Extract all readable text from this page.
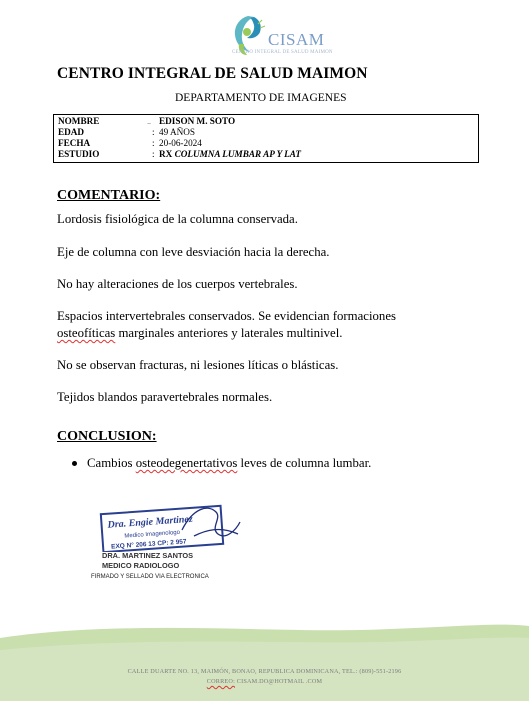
CISAM
CENTRO INTEGRAL DE SALUD MAIMON
CENTRO INTEGRAL DE SALUD MAIMON
DEPARTAMENTO DE IMAGENES
NOMBRE	∼ EDISON M. SOTO
EDAD	: 49 AÑOS
FECHA	: 20-06-2024
ESTUDIO	: RX COLUMNA LUMBAR AP Y LAT
COMENTARIO:
Lordosis fisiológica de la columna conservada.
Eje de columna con leve desviación hacia la derecha.
No hay alteraciones de los cuerpos vertebrales.
Espacios intervertebrales conservados. Se evidencian formaciones
osteofíticas marginales anteriores y laterales multinivel.
No se observan fracturas, ni lesiones líticas o blásticas.
Tejidos blandos paravertebrales normales.
CONCLUSION:
Cambios osteodegenertativos leves de columna lumbar.
Dra. Engie Martinez
Medico Imagenologo
EXQ N° 206 13 CP: 2 957
DRA. MARTINEZ SANTOS
MEDICO RADIOLOGO
FIRMADO Y SELLADO VIA ELECTRONICA
CALLE DUARTE NO. 13, MAIMÓN, BONAO, REPUBLICA DOMINICANA, TEL.: (809)-551-2196
CORREO: CISAM.DO@HOTMAIL .COM
